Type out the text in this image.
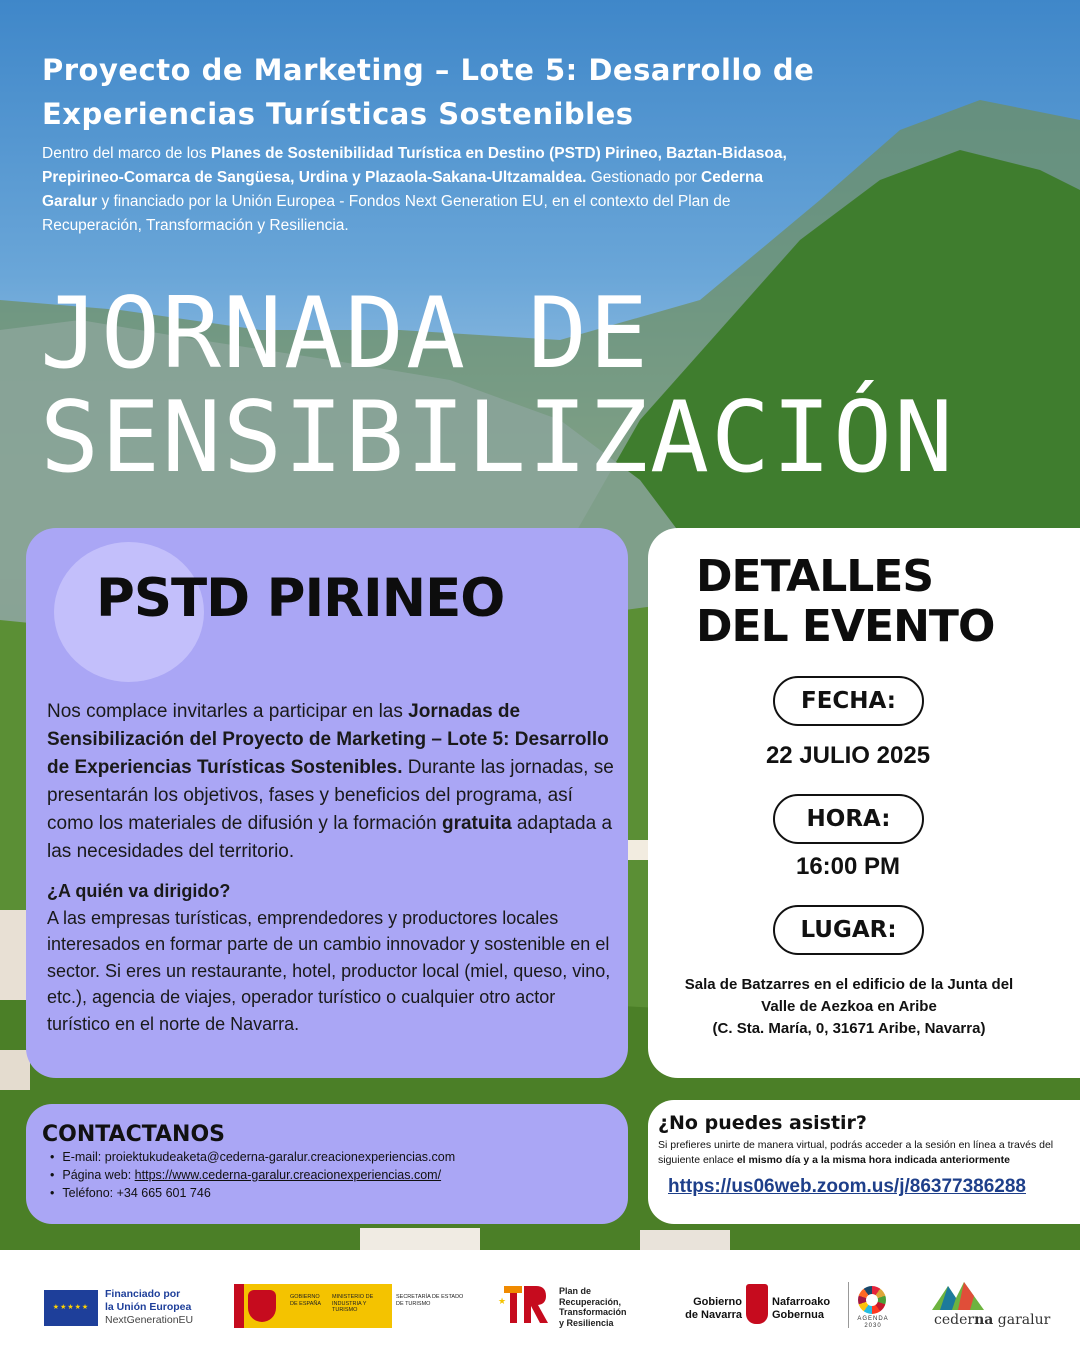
Proyecto de Marketing – Lote 5: Desarrollo de
Experiencias Turísticas Sostenibles
Dentro del marco de los Planes de Sostenibilidad Turística en Destino (PSTD) Pirineo, Baztan-Bidasoa, Prepirineo-Comarca de Sangüesa, Urdina y Plazaola-Sakana-Ultzamaldea. Gestionado por Cederna Garalur y financiado por la Unión Europea - Fondos Next Generation EU, en el contexto del Plan de Recuperación, Transformación y Resiliencia.
JORNADA DE
SENSIBILIZACIÓN
PSTD PIRINEO
Nos complace invitarles a participar en las Jornadas de Sensibilización del Proyecto de Marketing – Lote 5: Desarrollo de Experiencias Turísticas Sostenibles. Durante las jornadas, se presentarán los objetivos, fases y beneficios del programa, así como los materiales de difusión y la formación gratuita adaptada a las necesidades del territorio.
¿A quién va dirigido?
A las empresas turísticas, emprendedores y productores locales interesados en formar parte de un cambio innovador y sostenible en el sector. Si eres un restaurante, hotel, productor local (miel, queso, vino, etc.), agencia de viajes, operador turístico o cualquier otro actor turístico en el norte de Navarra.
DETALLES
DEL EVENTO
FECHA:
22 JULIO 2025
HORA:
16:00 PM
LUGAR:
Sala de Batzarres en el edificio de la Junta del
Valle de Aezkoa en Aribe
(C. Sta. María, 0, 31671 Aribe, Navarra)
CONTACTANOS
• E-mail: proiektukudeaketa@cederna-garalur.creacionexperiencias.com
• Página web: https://www.cederna-garalur.creacionexperiencias.com/
• Teléfono: +34 665 601 746
¿No puedes asistir?
Si prefieres unirte de manera virtual, podrás acceder a la sesión en línea a través del siguiente enlace el mismo día y a la misma hora indicada anteriormente
https://us06web.zoom.us/j/86377386288
★★★★★
Financiado por
la Unión Europea
NextGenerationEU
GOBIERNO DE ESPAÑA
MINISTERIO DE INDUSTRIA Y TURISMO
SECRETARÍA DE ESTADO DE TURISMO	★
Plan de
Recuperación,
Transformación
y Resiliencia
Gobierno
de Navarra
Nafarroako
Gobernua	AGENDA
2030	cederna garalur
